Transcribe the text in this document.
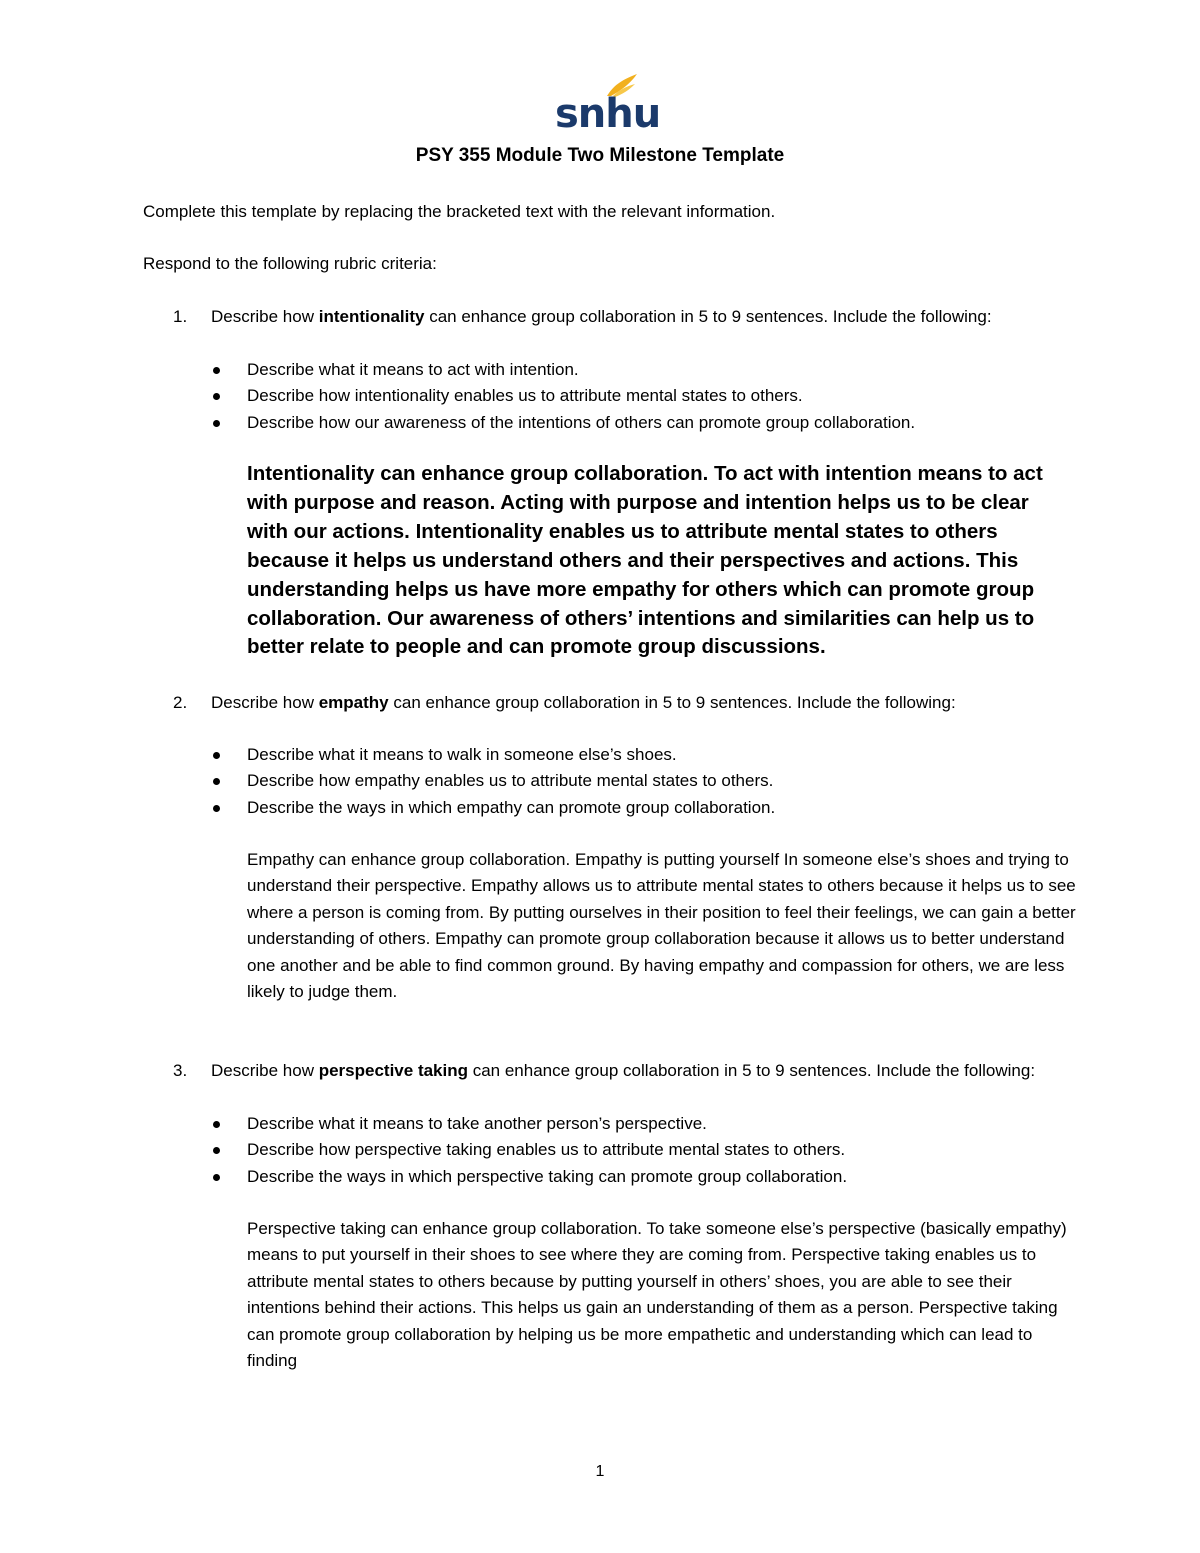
snhu
PSY 355 Module Two Milestone Template
Complete this template by replacing the bracketed text with the relevant information.
Respond to the following rubric criteria:
1. Describe how intentionality can enhance group collaboration in 5 to 9 sentences. Include the following:
Describe what it means to act with intention.
Describe how intentionality enables us to attribute mental states to others.
Describe how our awareness of the intentions of others can promote group collaboration.
Intentionality can enhance group collaboration. To act with intention means to act with purpose and reason. Acting with purpose and intention helps us to be clear with our actions. Intentionality enables us to attribute mental states to others because it helps us understand others and their perspectives and actions. This understanding helps us have more empathy for others which can promote group collaboration. Our awareness of others’ intentions and similarities can help us to better relate to people and can promote group discussions.
2. Describe how empathy can enhance group collaboration in 5 to 9 sentences. Include the following:
Describe what it means to walk in someone else’s shoes.
Describe how empathy enables us to attribute mental states to others.
Describe the ways in which empathy can promote group collaboration.
Empathy can enhance group collaboration. Empathy is putting yourself In someone else’s shoes and trying to understand their perspective. Empathy allows us to attribute mental states to others because it helps us to see where a person is coming from. By putting ourselves in their position to feel their feelings, we can gain a better understanding of others. Empathy can promote group collaboration because it allows us to better understand one another and be able to find common ground. By having empathy and compassion for others, we are less likely to judge them.
3. Describe how perspective taking can enhance group collaboration in 5 to 9 sentences. Include the following:
Describe what it means to take another person’s perspective.
Describe how perspective taking enables us to attribute mental states to others.
Describe the ways in which perspective taking can promote group collaboration.
Perspective taking can enhance group collaboration. To take someone else’s perspective (basically empathy) means to put yourself in their shoes to see where they are coming from. Perspective taking enables us to attribute mental states to others because by putting yourself in others’ shoes, you are able to see their intentions behind their actions. This helps us gain an understanding of them as a person. Perspective taking can promote group collaboration by helping us be more empathetic and understanding which can lead to finding
1
